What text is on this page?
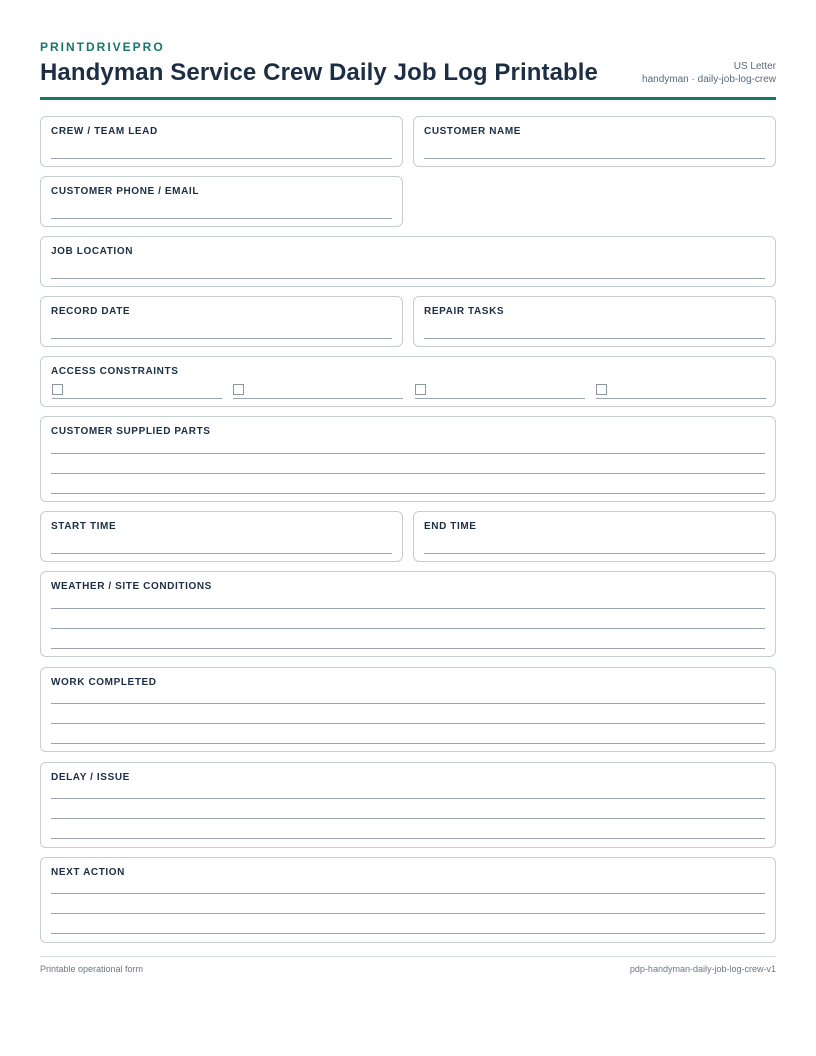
PRINTDRIVEPRO
Handyman Service Crew Daily Job Log Printable	US Letter
handyman · daily-job-log-crew
CREW / TEAM LEAD	CUSTOMER NAME
CUSTOMER PHONE / EMAIL
JOB LOCATION
RECORD DATE	REPAIR TASKS
ACCESS CONSTRAINTS
CUSTOMER SUPPLIED PARTS
START TIME	END TIME
WEATHER / SITE CONDITIONS
WORK COMPLETED
DELAY / ISSUE
NEXT ACTION
Printable operational form	pdp-handyman-daily-job-log-crew-v1
